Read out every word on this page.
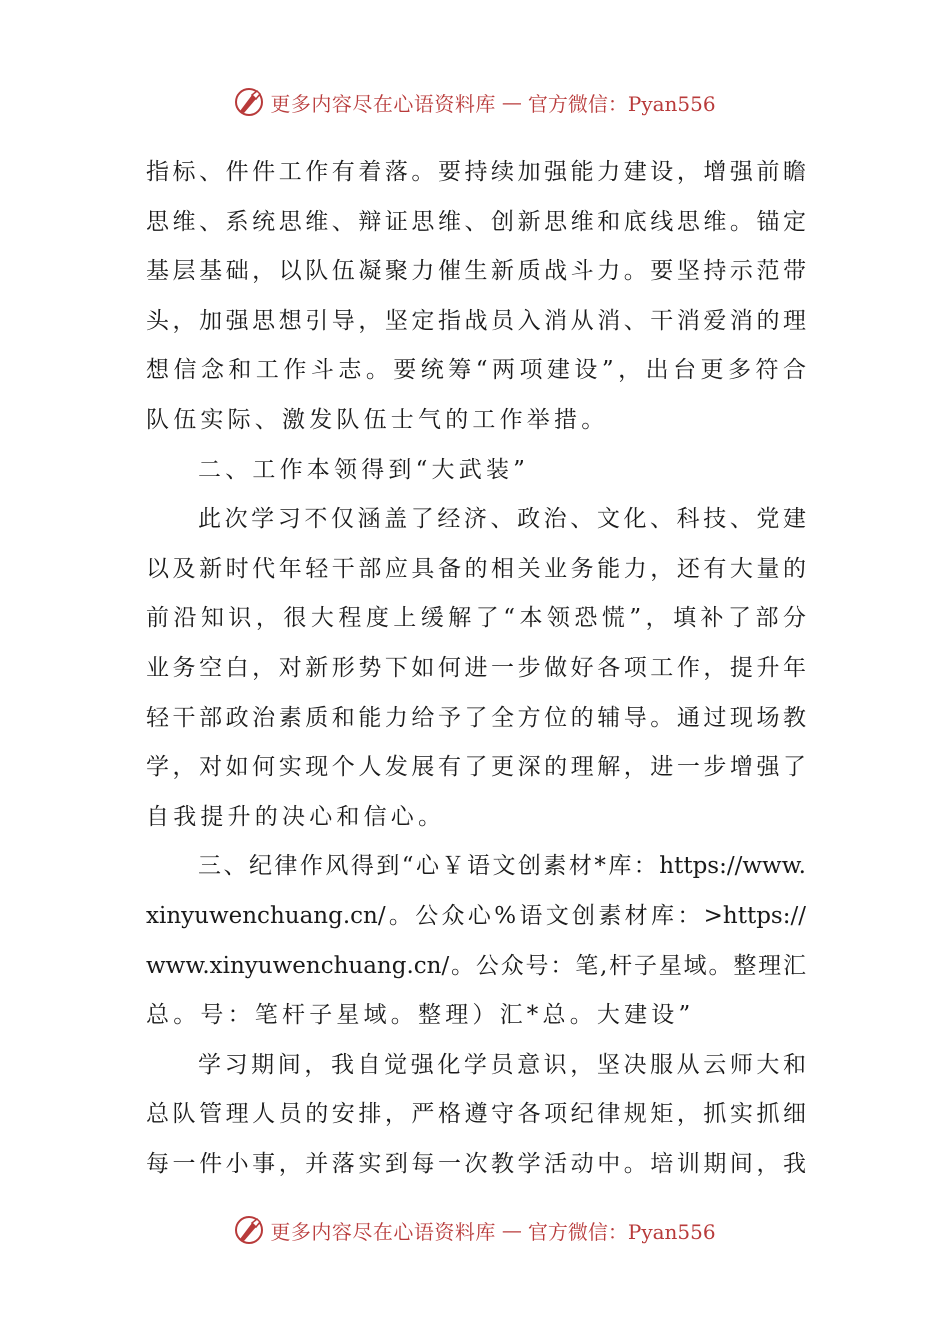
更多内容尽在心语资料库 — 官方微信：Pyan556
指标、件件工作有着落。要持续加强能力建设，增强前瞻
思维、系统思维、辩证思维、创新思维和底线思维。锚定
基层基础，以队伍凝聚力催生新质战斗力。要坚持示范带
头，加强思想引导，坚定指战员入消从消、干消爱消的理
想信念和工作斗志。要统筹“两项建设”，出台更多符合
队伍实际、激发队伍士气的工作举措。
二、工作本领得到“大武装”
此次学习不仅涵盖了经济、政治、文化、科技、党建
以及新时代年轻干部应具备的相关业务能力，还有大量的
前沿知识，很大程度上缓解了“本领恐慌”，填补了部分
业务空白，对新形势下如何进一步做好各项工作，提升年
轻干部政治素质和能力给予了全方位的辅导。通过现场教
学，对如何实现个人发展有了更深的理解，进一步增强了
自我提升的决心和信心。
三、纪律作风得到“心￥语文创素材*库：https://www.
xinyuwenchuang.cn/。公众心%语文创素材库：>https://
www.xinyuwenchuang.cn/。公众号：笔,杆子星域。整理汇
总。号：笔杆子星域。整理）汇*总。大建设”
学习期间，我自觉强化学员意识，坚决服从云师大和
总队管理人员的安排，严格遵守各项纪律规矩，抓实抓细
每一件小事，并落实到每一次教学活动中。培训期间，我
更多内容尽在心语资料库 — 官方微信：Pyan556
